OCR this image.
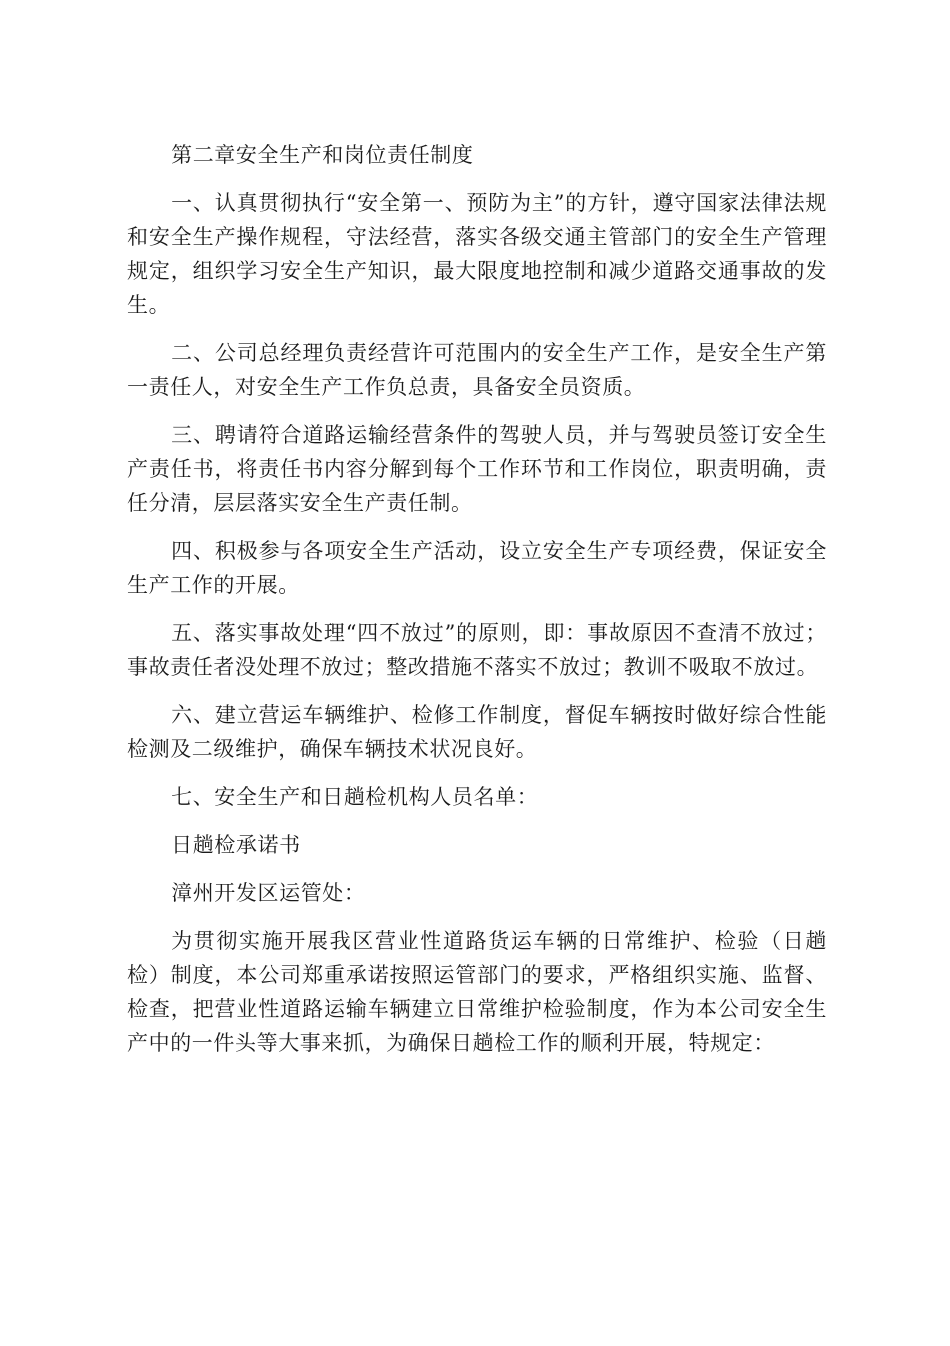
第二章安全生产和岗位责任制度

一、认真贯彻执行“安全第一、预防为主”的方针，遵守国家法律法规和安全生产操作规程，守法经营，落实各级交通主管部门的安全生产管理规定，组织学习安全生产知识，最大限度地控制和减少道路交通事故的发生。

二、公司总经理负责经营许可范围内的安全生产工作，是安全生产第一责任人，对安全生产工作负总责，具备安全员资质。

三、聘请符合道路运输经营条件的驾驶人员，并与驾驶员签订安全生产责任书，将责任书内容分解到每个工作环节和工作岗位，职责明确，责任分清，层层落实安全生产责任制。

四、积极参与各项安全生产活动，设立安全生产专项经费，保证安全生产工作的开展。

五、落实事故处理“四不放过”的原则，即：事故原因不查清不放过；事故责任者没处理不放过；整改措施不落实不放过；教训不吸取不放过。

六、建立营运车辆维护、检修工作制度，督促车辆按时做好综合性能检测及二级维护，确保车辆技术状况良好。

七、安全生产和日趟检机构人员名单：

日趟检承诺书

漳州开发区运管处：

为贯彻实施开展我区营业性道路货运车辆的日常维护、检验（日趟检）制度，本公司郑重承诺按照运管部门的要求，严格组织实施、监督、检查，把营业性道路运输车辆建立日常维护检验制度，作为本公司安全生产中的一件头等大事来抓，为确保日趟检工作的顺利开展，特规定：
